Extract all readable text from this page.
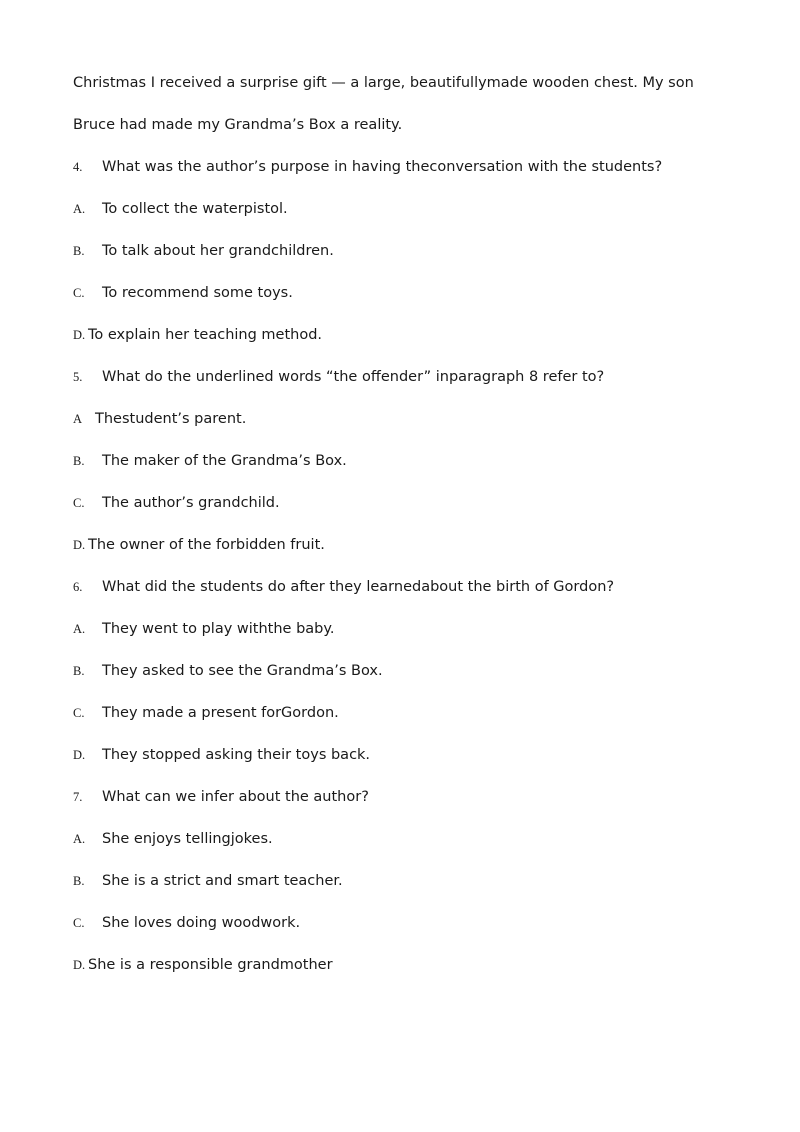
Christmas I received a surprise gift — a large, beautifullymade wooden chest. My son
Bruce had made my Grandma’s Box a reality.
4. What was the author’s purpose in having theconversation with the students?
A. To collect the waterpistol.
B. To talk about her grandchildren.
C. To recommend some toys.
D. To explain her teaching method.
5. What do the underlined words “the offender” inparagraph 8 refer to?
A Thestudent’s parent.
B. The maker of the Grandma’s Box.
C. The author’s grandchild.
D. The owner of the forbidden fruit.
6. What did the students do after they learnedabout the birth of Gordon?
A. They went to play withthe baby.
B. They asked to see the Grandma’s Box.
C. They made a present forGordon.
D. They stopped asking their toys back.
7. What can we infer about the author?
A. She enjoys tellingjokes.
B. She is a strict and smart teacher.
C. She loves doing woodwork.
D. She is a responsible grandmother
